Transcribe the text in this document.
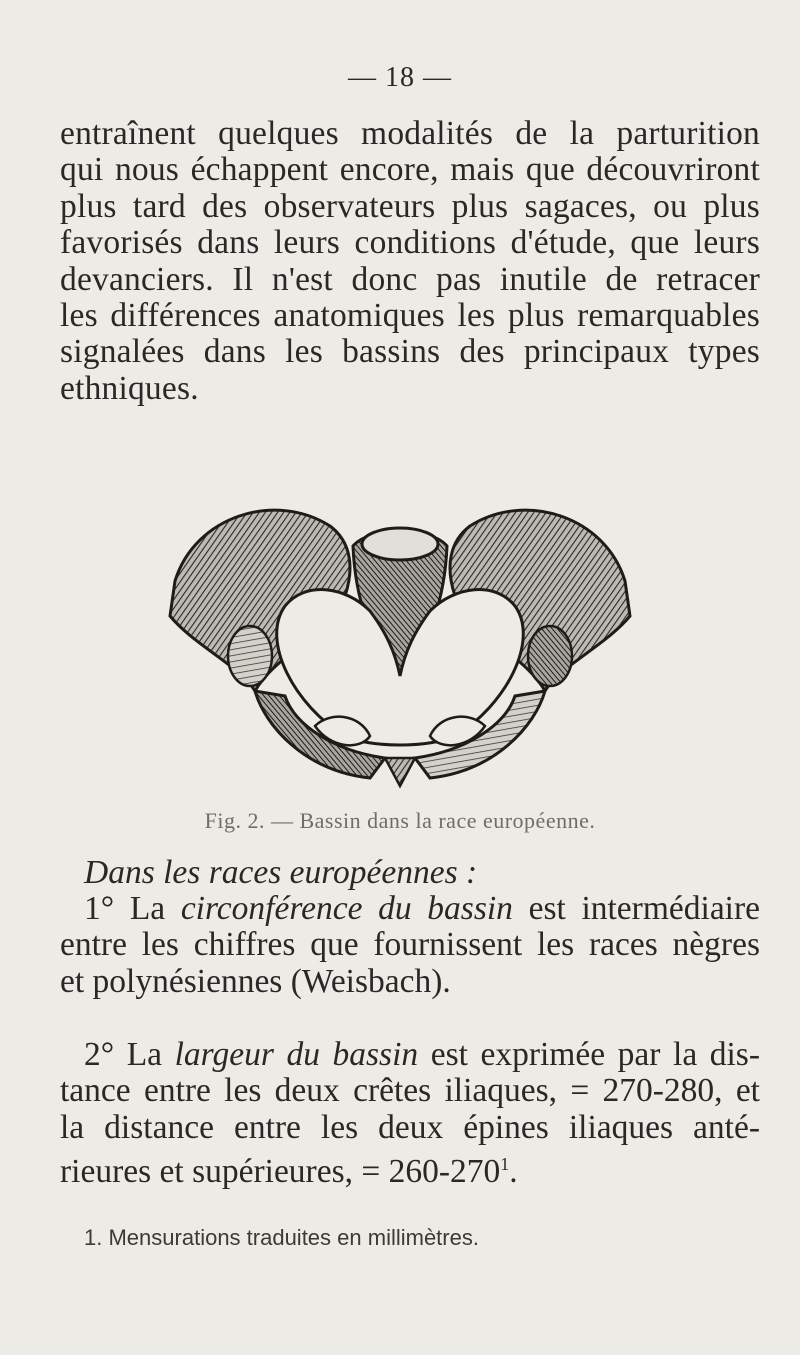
— 18 —

entraînent quelques modalités de la parturition
qui nous échappent encore, mais que découvriront
plus tard des observateurs plus sagaces, ou plus
favorisés dans leurs conditions d'étude, que leurs
devanciers. Il n'est donc pas inutile de retracer
les différences anatomiques les plus remarquables
signalées dans les bassins des principaux types
ethniques.

Fig. 2. — Bassin dans la race européenne.

Dans les races européennes :

1° La circonférence du bassin est intermédiaire
entre les chiffres que fournissent les races nègres
et polynésiennes (Weisbach).

2° La largeur du bassin est exprimée par la dis-
tance entre les deux crêtes iliaques, = 270-280, et
la distance entre les deux épines iliaques anté-
rieures et supérieures, = $260-270^1$.

1. Mensurations traduites en millimètres.
